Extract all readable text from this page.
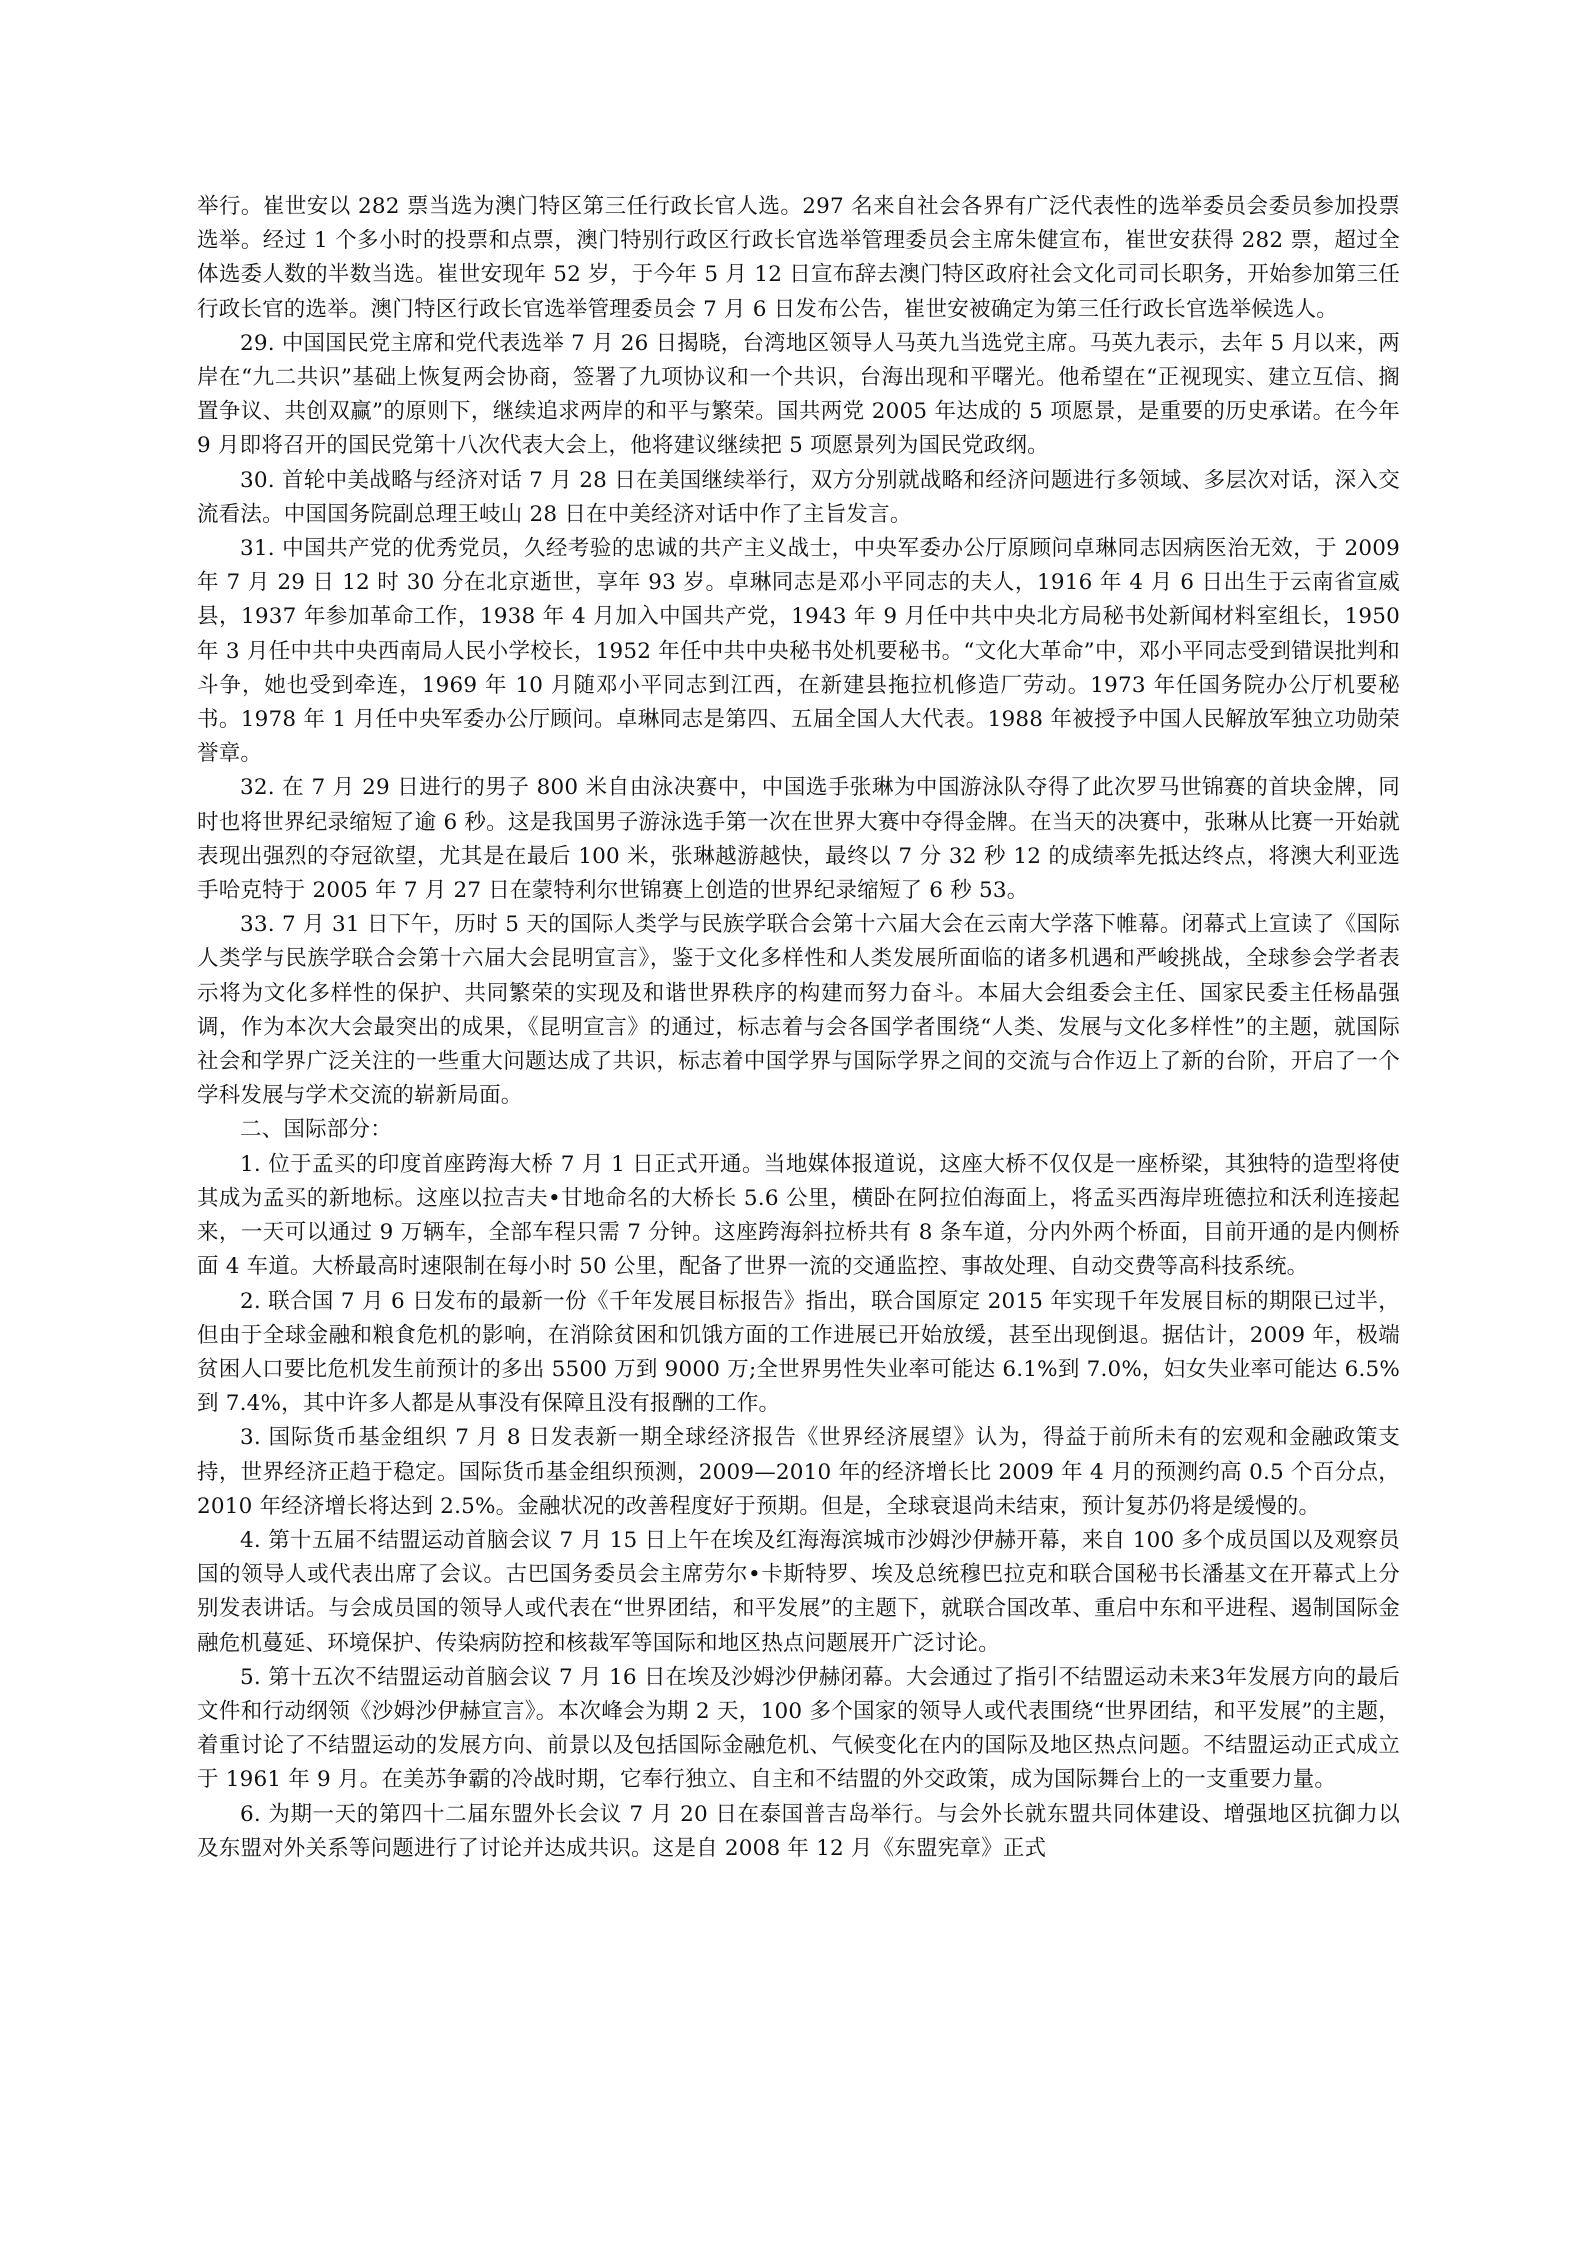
举行。崔世安以 282 票当选为澳门特区第三任行政长官人选。297 名来自社会各界有广泛代表性的选举委员会委员参加投票选举。经过 1 个多小时的投票和点票，澳门特别行政区行政长官选举管理委员会主席朱健宣布，崔世安获得 282 票，超过全体选委人数的半数当选。崔世安现年 52 岁，于今年 5 月 12 日宣布辞去澳门特区政府社会文化司司长职务，开始参加第三任行政长官的选举。澳门特区行政长官选举管理委员会 7 月 6 日发布公告，崔世安被确定为第三任行政长官选举候选人。

29. 中国国民党主席和党代表选举 7 月 26 日揭晓，台湾地区领导人马英九当选党主席。马英九表示，去年 5 月以来，两岸在“九二共识”基础上恢复两会协商，签署了九项协议和一个共识，台海出现和平曙光。他希望在“正视现实、建立互信、搁置争议、共创双赢”的原则下，继续追求两岸的和平与繁荣。国共两党 2005 年达成的 5 项愿景，是重要的历史承诺。在今年 9 月即将召开的国民党第十八次代表大会上，他将建议继续把 5 项愿景列为国民党政纲。

30. 首轮中美战略与经济对话 7 月 28 日在美国继续举行，双方分别就战略和经济问题进行多领域、多层次对话，深入交流看法。中国国务院副总理王岐山 28 日在中美经济对话中作了主旨发言。

31. 中国共产党的优秀党员，久经考验的忠诚的共产主义战士，中央军委办公厅原顾问卓琳同志因病医治无效，于 2009 年 7 月 29 日 12 时 30 分在北京逝世，享年 93 岁。卓琳同志是邓小平同志的夫人，1916 年 4 月 6 日出生于云南省宣威县，1937 年参加革命工作，1938 年 4 月加入中国共产党，1943 年 9 月任中共中央北方局秘书处新闻材料室组长，1950 年 3 月任中共中央西南局人民小学校长，1952 年任中共中央秘书处机要秘书。“文化大革命”中，邓小平同志受到错误批判和斗争，她也受到牵连，1969 年 10 月随邓小平同志到江西，在新建县拖拉机修造厂劳动。1973 年任国务院办公厅机要秘书。1978 年 1 月任中央军委办公厅顾问。卓琳同志是第四、五届全国人大代表。1988 年被授予中国人民解放军独立功勋荣誉章。

32. 在 7 月 29 日进行的男子 800 米自由泳决赛中，中国选手张琳为中国游泳队夺得了此次罗马世锦赛的首块金牌，同时也将世界纪录缩短了逾 6 秒。这是我国男子游泳选手第一次在世界大赛中夺得金牌。在当天的决赛中，张琳从比赛一开始就表现出强烈的夺冠欲望，尤其是在最后 100 米，张琳越游越快，最终以 7 分 32 秒 12 的成绩率先抵达终点，将澳大利亚选手哈克特于 2005 年 7 月 27 日在蒙特利尔世锦赛上创造的世界纪录缩短了 6 秒 53。

33. 7 月 31 日下午，历时 5 天的国际人类学与民族学联合会第十六届大会在云南大学落下帷幕。闭幕式上宣读了《国际人类学与民族学联合会第十六届大会昆明宣言》，鉴于文化多样性和人类发展所面临的诸多机遇和严峻挑战，全球参会学者表示将为文化多样性的保护、共同繁荣的实现及和谐世界秩序的构建而努力奋斗。本届大会组委会主任、国家民委主任杨晶强调，作为本次大会最突出的成果，《昆明宣言》的通过，标志着与会各国学者围绕“人类、发展与文化多样性”的主题，就国际社会和学界广泛关注的一些重大问题达成了共识，标志着中国学界与国际学界之间的交流与合作迈上了新的台阶，开启了一个学科发展与学术交流的崭新局面。

二、国际部分：

1. 位于孟买的印度首座跨海大桥 7 月 1 日正式开通。当地媒体报道说，这座大桥不仅仅是一座桥梁，其独特的造型将使其成为孟买的新地标。这座以拉吉夫•甘地命名的大桥长 5.6 公里，横卧在阿拉伯海面上，将孟买西海岸班德拉和沃利连接起来，一天可以通过 9 万辆车，全部车程只需 7 分钟。这座跨海斜拉桥共有 8 条车道，分内外两个桥面，目前开通的是内侧桥面 4 车道。大桥最高时速限制在每小时 50 公里，配备了世界一流的交通监控、事故处理、自动交费等高科技系统。

2. 联合国 7 月 6 日发布的最新一份《千年发展目标报告》指出，联合国原定 2015 年实现千年发展目标的期限已过半，但由于全球金融和粮食危机的影响，在消除贫困和饥饿方面的工作进展已开始放缓，甚至出现倒退。据估计，2009 年，极端贫困人口要比危机发生前预计的多出 5500 万到 9000 万;全世界男性失业率可能达 6.1%到 7.0%，妇女失业率可能达 6.5%到 7.4%，其中许多人都是从事没有保障且没有报酬的工作。

3. 国际货币基金组织 7 月 8 日发表新一期全球经济报告《世界经济展望》认为，得益于前所未有的宏观和金融政策支持，世界经济正趋于稳定。国际货币基金组织预测，2009—2010 年的经济增长比 2009 年 4 月的预测约高 0.5 个百分点，2010 年经济增长将达到 2.5%。金融状况的改善程度好于预期。但是，全球衰退尚未结束，预计复苏仍将是缓慢的。

4. 第十五届不结盟运动首脑会议 7 月 15 日上午在埃及红海海滨城市沙姆沙伊赫开幕，来自 100 多个成员国以及观察员国的领导人或代表出席了会议。古巴国务委员会主席劳尔•卡斯特罗、埃及总统穆巴拉克和联合国秘书长潘基文在开幕式上分别发表讲话。与会成员国的领导人或代表在“世界团结，和平发展”的主题下，就联合国改革、重启中东和平进程、遏制国际金融危机蔓延、环境保护、传染病防控和核裁军等国际和地区热点问题展开广泛讨论。

5. 第十五次不结盟运动首脑会议 7 月 16 日在埃及沙姆沙伊赫闭幕。大会通过了指引不结盟运动未来3年发展方向的最后文件和行动纲领《沙姆沙伊赫宣言》。本次峰会为期 2 天，100 多个国家的领导人或代表围绕“世界团结，和平发展”的主题，着重讨论了不结盟运动的发展方向、前景以及包括国际金融危机、气候变化在内的国际及地区热点问题。不结盟运动正式成立于 1961 年 9 月。在美苏争霸的冷战时期，它奉行独立、自主和不结盟的外交政策，成为国际舞台上的一支重要力量。

6. 为期一天的第四十二届东盟外长会议 7 月 20 日在泰国普吉岛举行。与会外长就东盟共同体建设、增强地区抗御力以及东盟对外关系等问题进行了讨论并达成共识。这是自 2008 年 12 月《东盟宪章》正式
